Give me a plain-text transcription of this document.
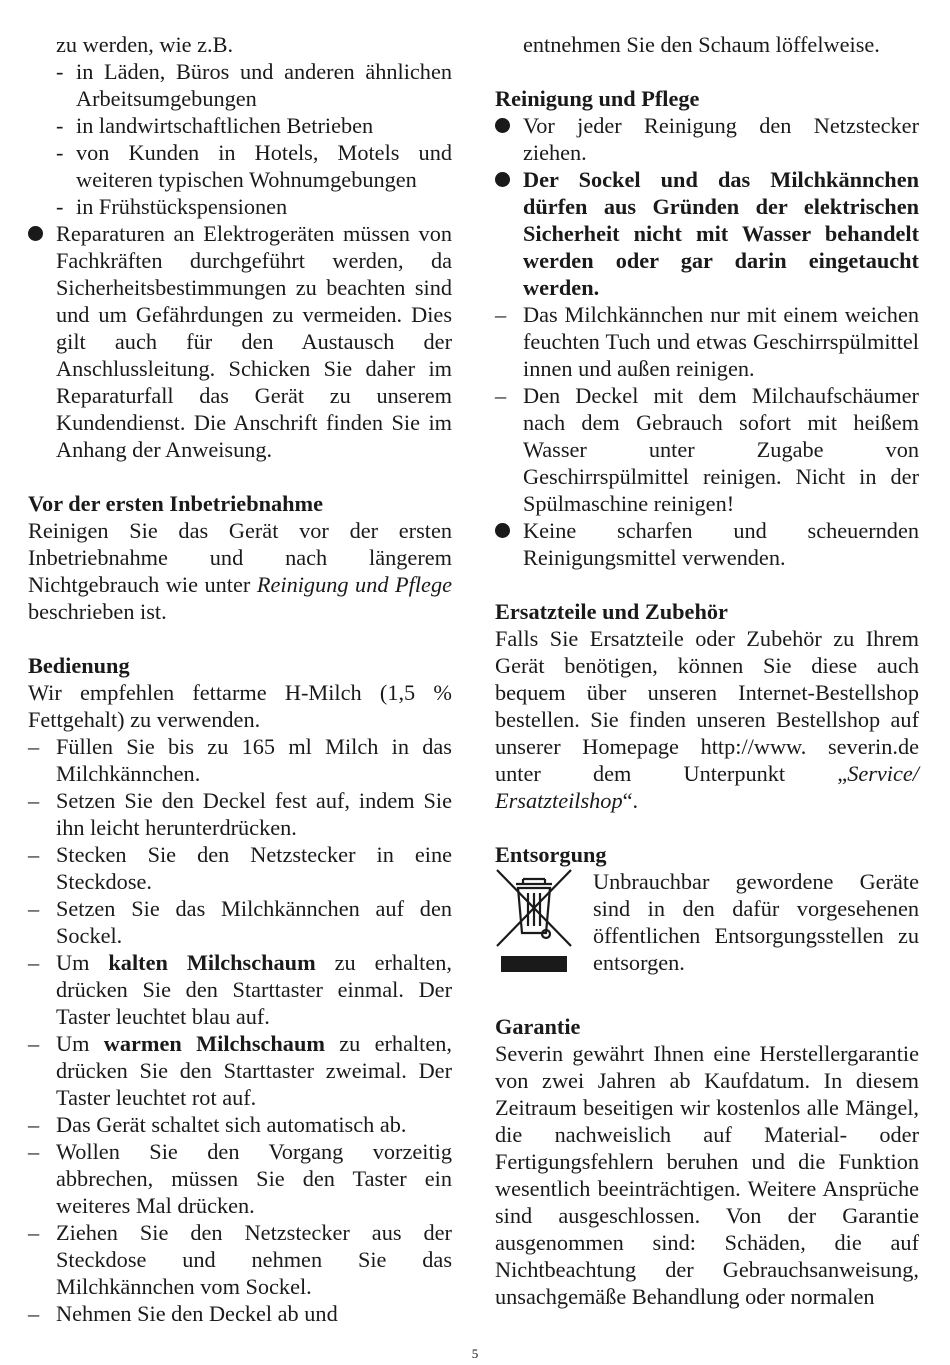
zu werden, wie z.B.

- in Läden, Büros und anderen ähnlichen Arbeitsumgebungen
- in landwirtschaftlichen Betrieben
- von Kunden in Hotels, Motels und weiteren typischen Wohnumgebungen
- in Frühstückspensionen
Reparaturen an Elektrogeräten müssen von Fachkräften durchgeführt werden, da Sicherheitsbestimmungen zu beachten sind und um Gefährdungen zu vermeiden. Dies gilt auch für den Austausch der Anschlussleitung. Schicken Sie daher im Reparaturfall das Gerät zu unserem Kundendienst. Die Anschrift finden Sie im Anhang der Anweisung.
Vor der ersten Inbetriebnahme

Reinigen Sie das Gerät vor der ersten Inbetriebnahme und nach längerem Nichtgebrauch wie unter Reinigung und Pflege beschrieben ist.

Bedienung

Wir empfehlen fettarme H-Milch (1,5 % Fettgehalt) zu verwenden.

– Füllen Sie bis zu 165 ml Milch in das Milchkännchen.
– Setzen Sie den Deckel fest auf, indem Sie ihn leicht herunterdrücken.
– Stecken Sie den Netzstecker in eine Steckdose.
– Setzen Sie das Milchkännchen auf den Sockel.
– Um kalten Milchschaum zu erhalten, drücken Sie den Starttaster einmal. Der Taster leuchtet blau auf.
– Um warmen Milchschaum zu erhalten, drücken Sie den Starttaster zweimal. Der Taster leuchtet rot auf.
– Das Gerät schaltet sich automatisch ab.
– Wollen Sie den Vorgang vorzeitig abbrechen, müssen Sie den Taster ein weiteres Mal drücken.
– Ziehen Sie den Netzstecker aus der Steckdose und nehmen Sie das Milchkännchen vom Sockel.
– Nehmen Sie den Deckel ab und

entnehmen Sie den Schaum löffelweise.

Reinigung und Pflege
Vor jeder Reinigung den Netzstecker ziehen.
Der Sockel und das Milchkännchen dürfen aus Gründen der elektrischen Sicherheit nicht mit Wasser behandelt werden oder gar darin eingetaucht werden.
– Das Milchkännchen nur mit einem weichen feuchten Tuch und etwas Geschirrspülmittel innen und außen reinigen.
– Den Deckel mit dem Milchaufschäumer nach dem Gebrauch sofort mit heißem Wasser unter Zugabe von Geschirrspülmittel reinigen. Nicht in der Spülmaschine reinigen!
Keine scharfen und scheuernden Reinigungsmittel verwenden.
Ersatzteile und Zubehör

Falls Sie Ersatzteile oder Zubehör zu Ihrem Gerät benötigen, können Sie diese auch bequem über unseren Internet-Bestellshop bestellen. Sie finden unseren Bestellshop auf unserer Homepage http://www. severin.de unter dem Unterpunkt „Service/ Ersatzteilshop“.

Entsorgung
Unbrauchbar gewordene Geräte sind in den dafür vorgesehenen öffentlichen Entsorgungsstellen zu entsorgen.
Garantie

Severin gewährt Ihnen eine Herstellergarantie von zwei Jahren ab Kaufdatum. In diesem Zeitraum beseitigen wir kostenlos alle Mängel, die nachweislich auf Material- oder Fertigungsfehlern beruhen und die Funktion wesentlich beeinträchtigen. Weitere Ansprüche sind ausgeschlossen. Von der Garantie ausgenommen sind: Schäden, die auf Nichtbeachtung der Gebrauchsanweisung, unsachgemäße Behandlung oder normalen

5
